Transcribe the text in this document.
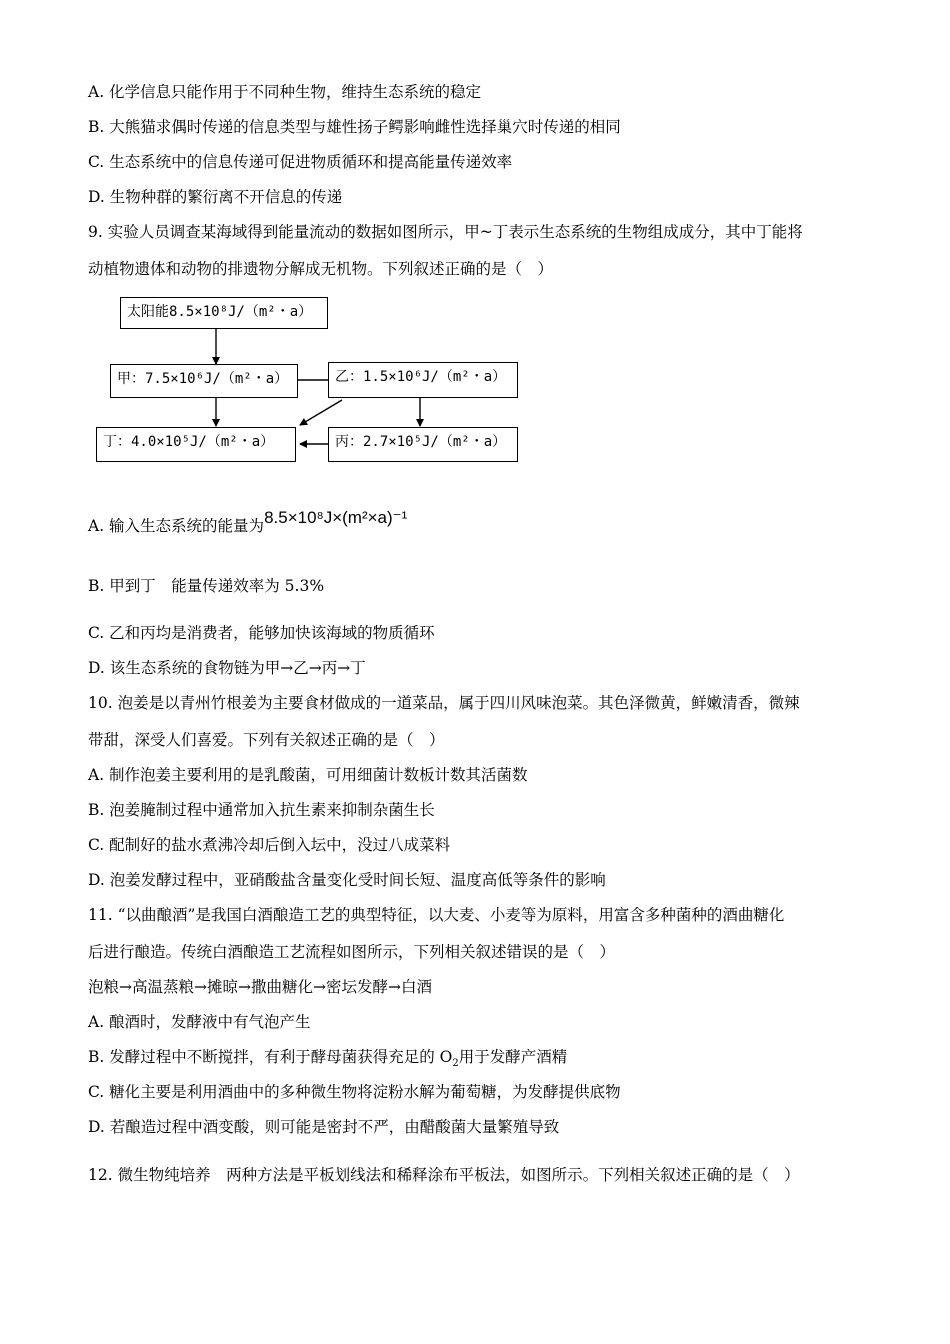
A. 化学信息只能作用于不同种生物，维持生态系统的稳定
B. 大熊猫求偶时传递的信息类型与雄性扬子鳄影响雌性选择巢穴时传递的相同
C. 生态系统中的信息传递可促进物质循环和提高能量传递效率
D. 生物种群的繁衍离不开信息的传递
9. 实验人员调查某海域得到能量流动的数据如图所示，甲~丁表示生态系统的生物组成成分，其中丁能将
动植物遗体和动物的排遗物分解成无机物。下列叙述正确的是（　）
太阳能8.5×10⁸J/（m²・a）
甲：7.5×10⁶J/（m²・a）	乙：1.5×10⁶J/（m²・a）
丁：4.0×10⁵J/（m²・a）	丙：2.7×10⁵J/（m²・a）
A. 输入生态系统的能量为8.5×10⁸J×(m²×a)⁻¹
B. 甲到丁　能量传递效率为 5.3%
C. 乙和丙均是消费者，能够加快该海域的物质循环
D. 该生态系统的食物链为甲→乙→丙→丁
10. 泡姜是以青州竹根姜为主要食材做成的一道菜品，属于四川风味泡菜。其色泽微黄，鲜嫩清香，微辣
带甜，深受人们喜爱。下列有关叙述正确的是（　）
A. 制作泡姜主要利用的是乳酸菌，可用细菌计数板计数其活菌数
B. 泡姜腌制过程中通常加入抗生素来抑制杂菌生长
C. 配制好的盐水煮沸冷却后倒入坛中，没过八成菜料
D. 泡姜发酵过程中，亚硝酸盐含量变化受时间长短、温度高低等条件的影响
11. “以曲酿酒”是我国白酒酿造工艺的典型特征，以大麦、小麦等为原料，用富含多种菌种的酒曲糖化
后进行酿造。传统白酒酿造工艺流程如图所示，下列相关叙述错误的是（　）
泡粮→高温蒸粮→摊晾→撒曲糖化→密坛发酵→白酒
A. 酿酒时，发酵液中有气泡产生
B. 发酵过程中不断搅拌，有利于酵母菌获得充足的 $O_2$用于发酵产酒精
C. 糖化主要是利用酒曲中的多种微生物将淀粉水解为葡萄糖，为发酵提供底物
D. 若酿造过程中酒变酸，则可能是密封不严，由醋酸菌大量繁殖导致
12. 微生物纯培养　两种方法是平板划线法和稀释涂布平板法，如图所示。下列相关叙述正确的是（　）
